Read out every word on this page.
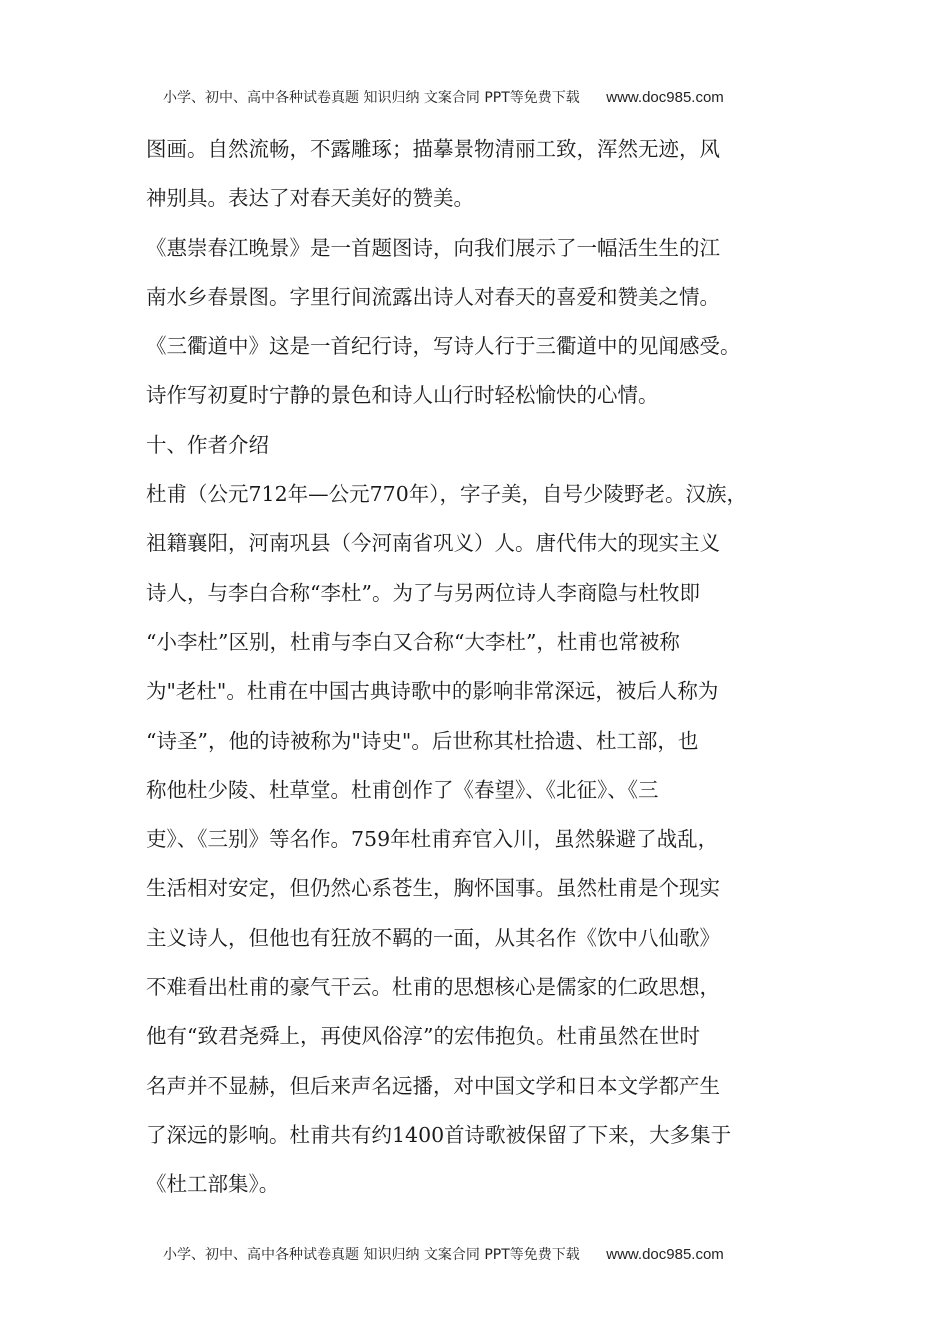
小学、初中、高中各种试卷真题 知识归纳 文案合同 PPT等免费下载 www.doc985.com
图画。自然流畅，不露雕琢；描摹景物清丽工致，浑然无迹，风
神别具。表达了对春天美好的赞美。
《惠崇春江晚景》是一首题图诗，向我们展示了一幅活生生的江
南水乡春景图。字里行间流露出诗人对春天的喜爱和赞美之情。
《三衢道中》这是一首纪行诗，写诗人行于三衢道中的见闻感受。
诗作写初夏时宁静的景色和诗人山行时轻松愉快的心情。
十、作者介绍
杜甫（公元712年—公元770年），字子美，自号少陵野老。汉族，
祖籍襄阳，河南巩县（今河南省巩义）人。唐代伟大的现实主义
诗人，与李白合称“李杜”。为了与另两位诗人李商隐与杜牧即
“小李杜”区别，杜甫与李白又合称“大李杜”，杜甫也常被称
为"老杜"。杜甫在中国古典诗歌中的影响非常深远，被后人称为
“诗圣”，他的诗被称为"诗史"。后世称其杜拾遗、杜工部，也
称他杜少陵、杜草堂。杜甫创作了《春望》、《北征》、《三
吏》、《三别》等名作。759年杜甫弃官入川，虽然躲避了战乱，
生活相对安定，但仍然心系苍生，胸怀国事。虽然杜甫是个现实
主义诗人，但他也有狂放不羁的一面，从其名作《饮中八仙歌》
不难看出杜甫的豪气干云。杜甫的思想核心是儒家的仁政思想，
他有“致君尧舜上，再使风俗淳”的宏伟抱负。杜甫虽然在世时
名声并不显赫，但后来声名远播，对中国文学和日本文学都产生
了深远的影响。杜甫共有约1400首诗歌被保留了下来，大多集于
《杜工部集》。
小学、初中、高中各种试卷真题 知识归纳 文案合同 PPT等免费下载 www.doc985.com
